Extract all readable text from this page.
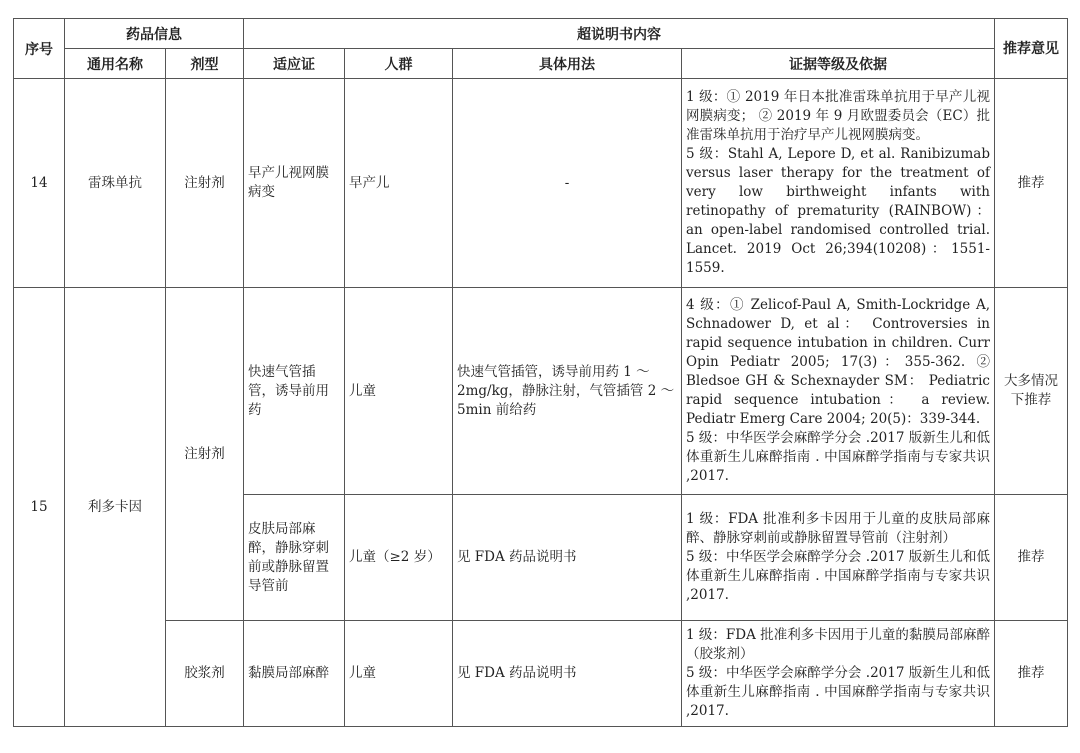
序号	药品信息		超说明书内容				推荐意见
	通用名称	剂型	适应证	人群	具体用法	证据等级及依据	
14	雷珠单抗	注射剂	早产儿视网膜病变	早产儿	-	1 级：① 2019 年日本批准雷珠单抗用于早产儿视网膜病变； ② 2019 年 9 月欧盟委员会（EC）批准雷珠单抗用于治疗早产儿视网膜病变。
5 级：Stahl A, Lepore D, et al. Ranibizumab versus laser therapy for the treatment of very low birthweight infants with retinopathy of prematurity (RAINBOW)： an open-label randomised controlled trial. Lancet. 2019 Oct 26;394(10208)：1551-1559.	推荐
15	利多卡因	注射剂	快速气管插管，诱导前用药	儿童	快速气管插管，诱导前用药 1 ～ 2mg/kg，静脉注射，气管插管 2 ～ 5min 前给药	4 级：① Zelicof-Paul A, Smith-Lockridge A, Schnadower D, et al： Controversies in rapid sequence intubation in children. Curr Opin Pediatr 2005; 17(3)：355-362. ② Bledsoe GH & Schexnayder SM： Pediatric rapid sequence intubation： a review. Pediatr Emerg Care 2004; 20(5)：339-344.
5 级：中华医学会麻醉学分会 .2017 版新生儿和低体重新生儿麻醉指南 . 中国麻醉学指南与专家共识 ,2017.	大多情况下推荐
			皮肤局部麻醉，静脉穿刺前或静脉留置导管前	儿童（≥2 岁）	见 FDA 药品说明书	1 级：FDA 批准利多卡因用于儿童的皮肤局部麻醉、静脉穿刺前或静脉留置导管前（注射剂）
5 级：中华医学会麻醉学分会 .2017 版新生儿和低体重新生儿麻醉指南 . 中国麻醉学指南与专家共识 ,2017.	推荐
		胶浆剂	黏膜局部麻醉	儿童	见 FDA 药品说明书	1 级：FDA 批准利多卡因用于儿童的黏膜局部麻醉（胶浆剂）
5 级：中华医学会麻醉学分会 .2017 版新生儿和低体重新生儿麻醉指南 . 中国麻醉学指南与专家共识 ,2017.	推荐
